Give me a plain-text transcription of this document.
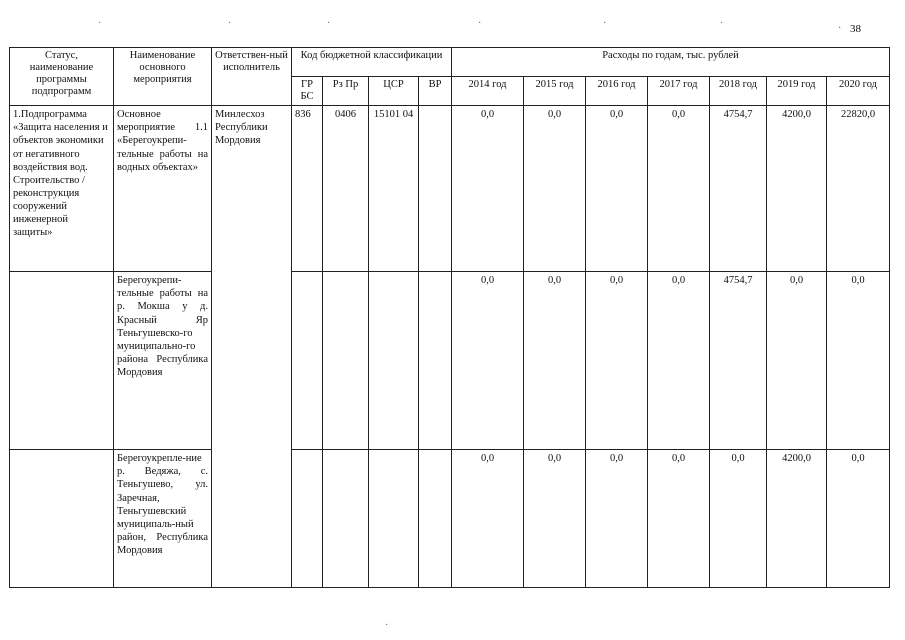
38
·	·	·	·	·	·	·
·
Статус, наименование программы подпрограмм	Наименование основного мероприятия	Ответствен-ный исполнитель	Код бюджетной классификации				Расходы по годам, тыс. рублей						
			ГР БС	Рз Пр	ЦСР	ВР	2014 год	2015 год	2016 год	2017 год	2018 год	2019 год	2020 год
1.Подпрограмма «Защита населения и объектов экономики от негативного воздействия вод. Строительство /реконструкция сооружений инженерной защиты»	Основное мероприятие 1.1 «Берегоукрепи-тельные работы на водных объектах»	Минлесхоз Республики Мордовия	836	0406	15101 04		0,0	0,0	0,0	0,0	4754,7	4200,0	22820,0
	Берегоукрепи-тельные работы на р. Мокша у д. Красный Яр Теньгушевско-го муниципально-го района Республика Мордовия						0,0	0,0	0,0	0,0	4754,7	0,0	0,0
	Берегоукрепле-ние р. Ведяжа, с. Теньгушево, ул. Заречная, Теньгушевский муниципаль-ный район, Республика Мордовия						0,0	0,0	0,0	0,0	0,0	4200,0	0,0
